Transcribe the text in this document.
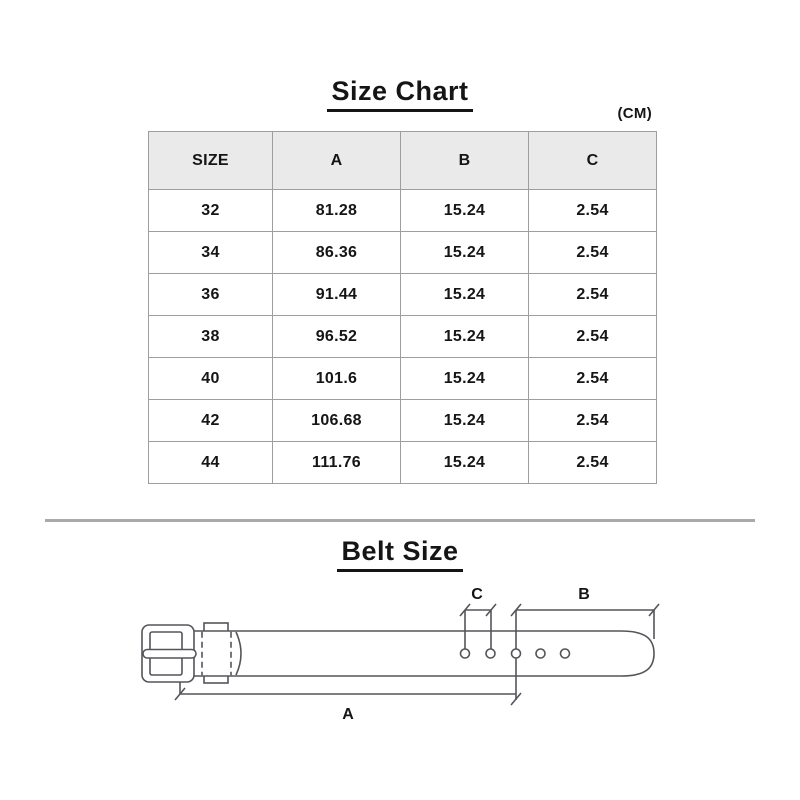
Size Chart
(CM)
SIZE	A	B	C
32	81.28	15.24	2.54
34	86.36	15.24	2.54
36	91.44	15.24	2.54
38	96.52	15.24	2.54
40	101.6	15.24	2.54
42	106.68	15.24	2.54
44	111.76	15.24	2.54
Belt Size
C	B
A
